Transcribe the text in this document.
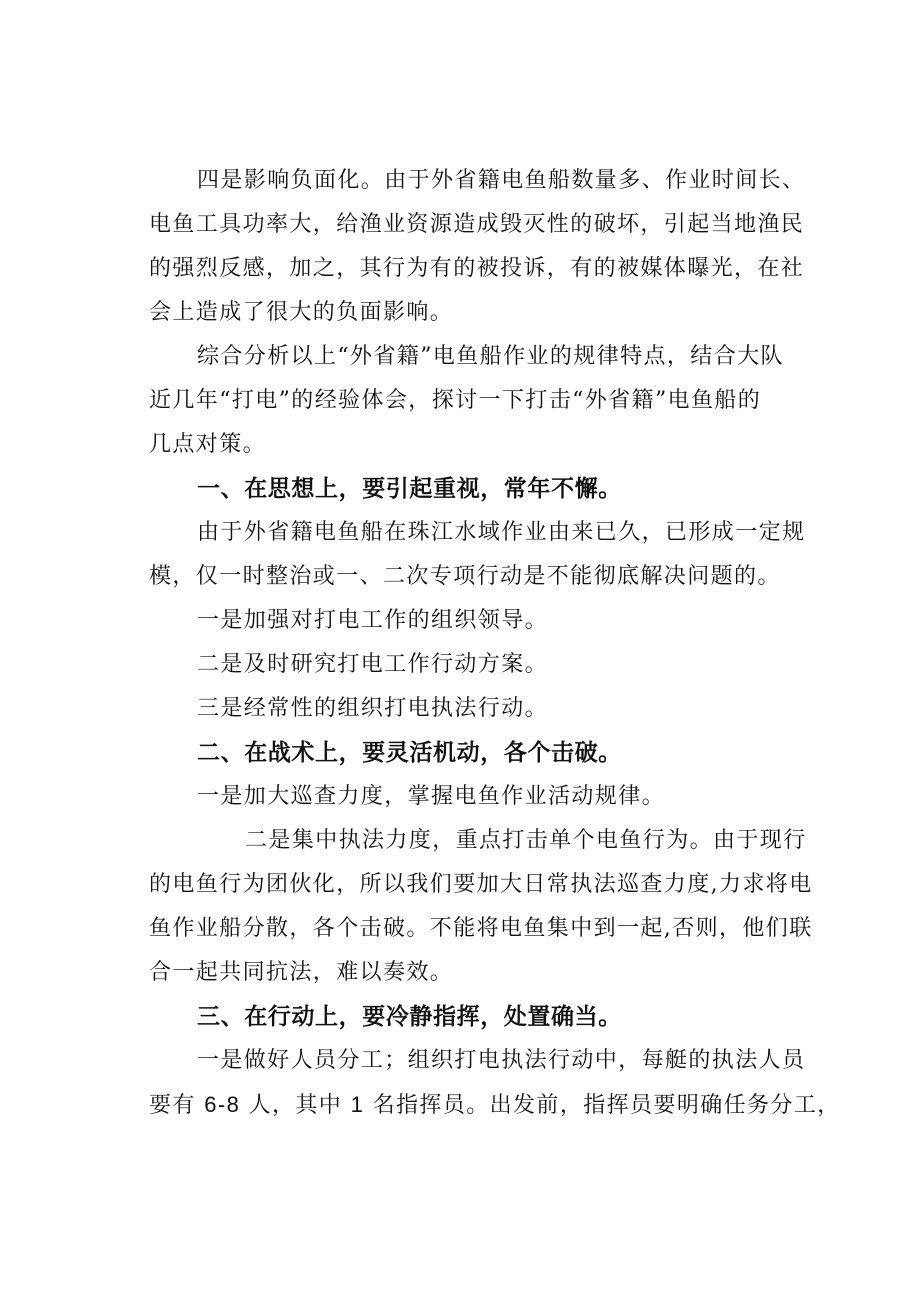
四是影响负面化。由于外省籍电鱼船数量多、作业时间长、
电鱼工具功率大，给渔业资源造成毁灭性的破坏，引起当地渔民
的强烈反感，加之，其行为有的被投诉，有的被媒体曝光，在社
会上造成了很大的负面影响。
综合分析以上“外省籍”电鱼船作业的规律特点，结合大队
近几年“打电”的经验体会，探讨一下打击“外省籍”电鱼船的
几点对策。
一、在思想上，要引起重视，常年不懈。
由于外省籍电鱼船在珠江水域作业由来已久，已形成一定规
模，仅一时整治或一、二次专项行动是不能彻底解决问题的。
一是加强对打电工作的组织领导。
二是及时研究打电工作行动方案。
三是经常性的组织打电执法行动。
二、在战术上，要灵活机动，各个击破。
一是加大巡查力度，掌握电鱼作业活动规律。
二是集中执法力度，重点打击单个电鱼行为。由于现行
的电鱼行为团伙化，所以我们要加大日常执法巡查力度,力求将电
鱼作业船分散，各个击破。不能将电鱼集中到一起,否则，他们联
合一起共同抗法，难以奏效。
三、在行动上，要冷静指挥，处置确当。
一是做好人员分工；组织打电执法行动中，每艇的执法人员
要有 6-8 人，其中 1 名指挥员。出发前，指挥员要明确任务分工，
